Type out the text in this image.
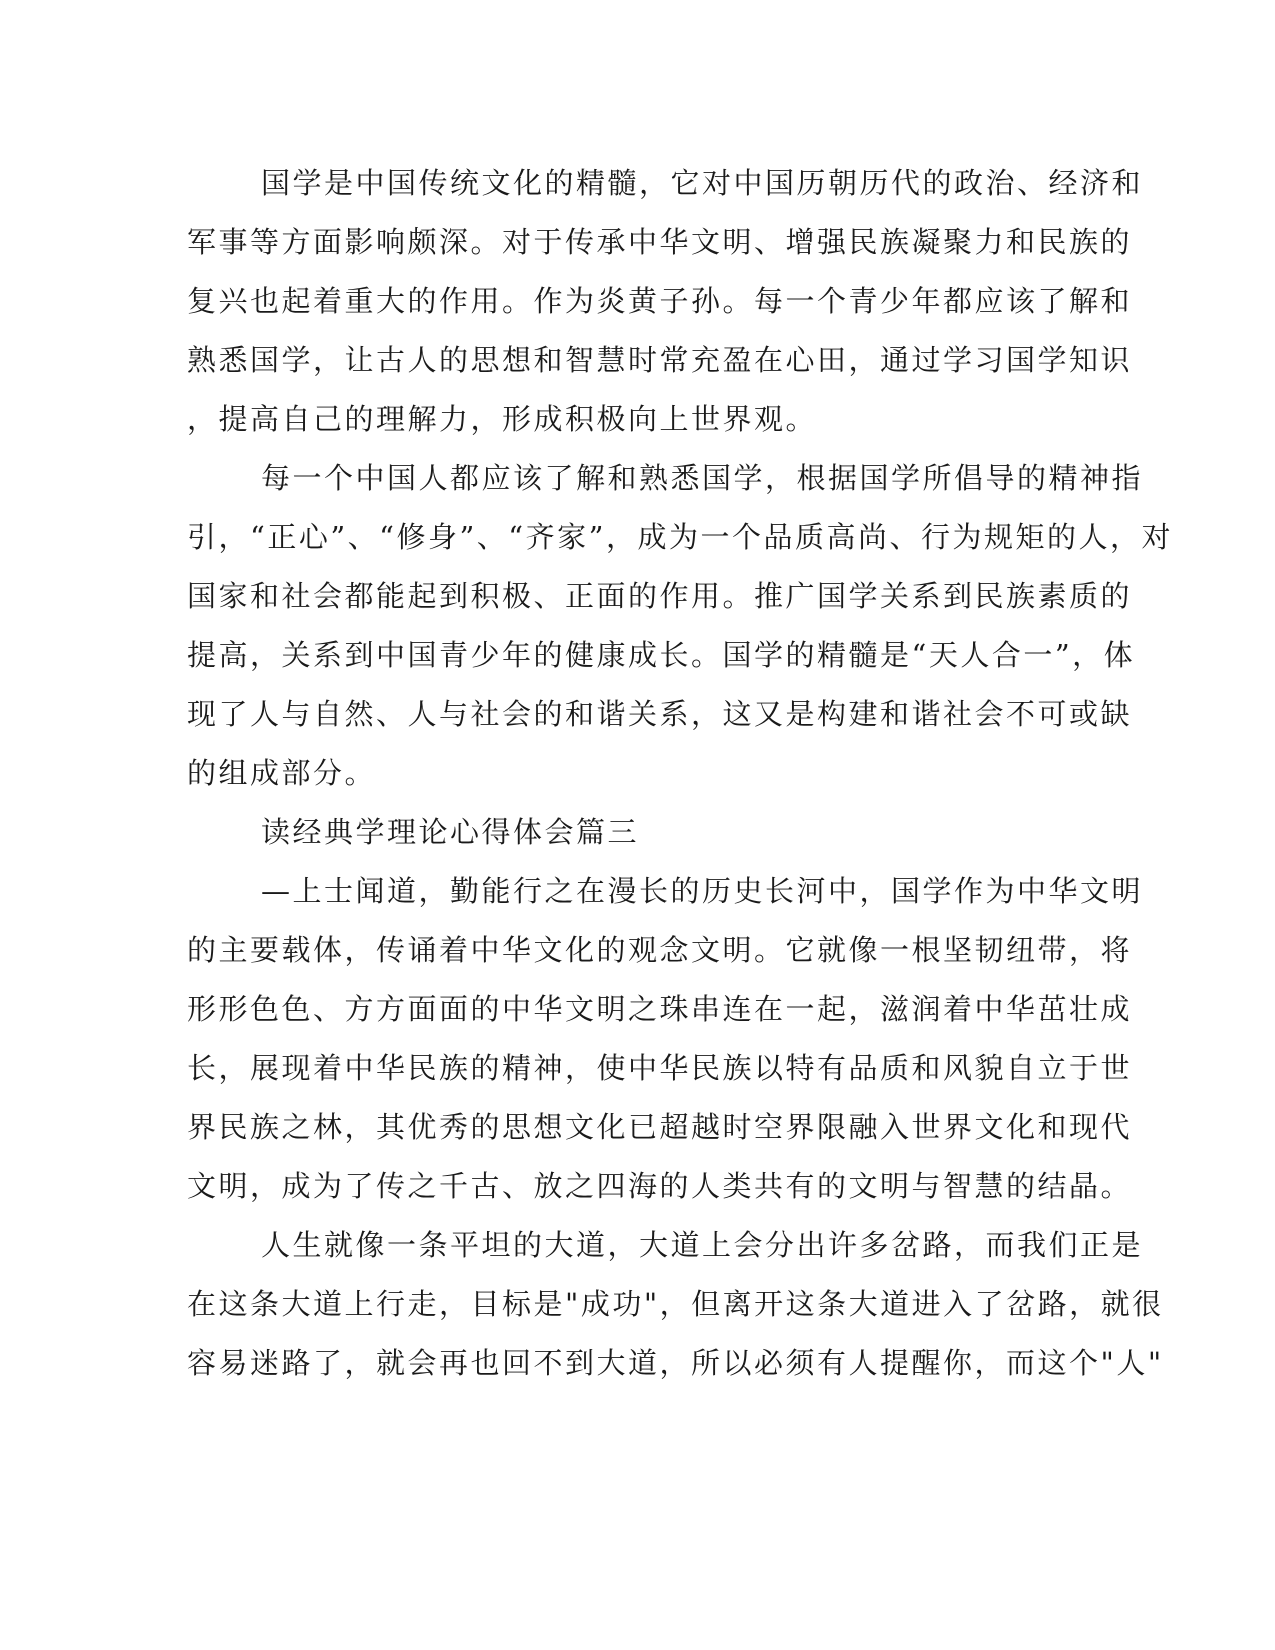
国学是中国传统文化的精髓，它对中国历朝历代的政治、经济和

军事等方面影响颇深。对于传承中华文明、增强民族凝聚力和民族的

复兴也起着重大的作用。作为炎黄子孙。每一个青少年都应该了解和

熟悉国学，让古人的思想和智慧时常充盈在心田，通过学习国学知识

，提高自己的理解力，形成积极向上世界观。

每一个中国人都应该了解和熟悉国学，根据国学所倡导的精神指

引，“正心”、“修身”、“齐家”，成为一个品质高尚、行为规矩的人，对

国家和社会都能起到积极、正面的作用。推广国学关系到民族素质的

提高，关系到中国青少年的健康成长。国学的精髓是“天人合一”，体

现了人与自然、人与社会的和谐关系，这又是构建和谐社会不可或缺

的组成部分。

读经典学理论心得体会篇三

—上士闻道，勤能行之在漫长的历史长河中，国学作为中华文明

的主要载体，传诵着中华文化的观念文明。它就像一根坚韧纽带，将

形形色色、方方面面的中华文明之珠串连在一起，滋润着中华茁壮成

长，展现着中华民族的精神，使中华民族以特有品质和风貌自立于世

界民族之林，其优秀的思想文化已超越时空界限融入世界文化和现代

文明，成为了传之千古、放之四海的人类共有的文明与智慧的结晶。

人生就像一条平坦的大道，大道上会分出许多岔路，而我们正是

在这条大道上行走，目标是"成功"，但离开这条大道进入了岔路，就很

容易迷路了，就会再也回不到大道，所以必须有人提醒你，而这个"人"
